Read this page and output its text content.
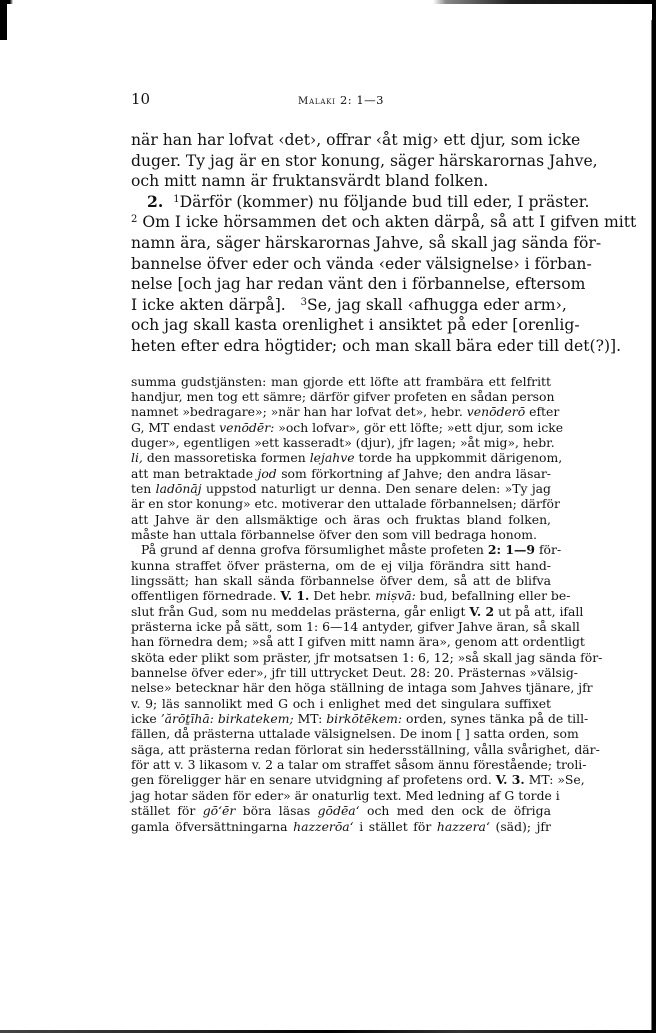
10	Malaki 2: 1—3
när han har lofvat ‹det›, offrar ‹åt mig› ett djur, som icke
duger. Ty jag är en stor konung, säger härskarornas Jahve,
och mitt namn är fruktansvärdt bland folken.
2. $^1$Därför (kommer) nu följande bud till eder, I präster.
$^2$ Om I icke hörsammen det och akten därpå, så att I gifven mitt
namn ära, säger härskarornas Jahve, så skall jag sända för-
bannelse öfver eder och vända ‹eder välsignelse› i förban-
nelse [och jag har redan vänt den i förbannelse, eftersom
I icke akten därpå]. $^3$Se, jag skall ‹afhugga eder arm›,
och jag skall kasta orenlighet i ansiktet på eder [orenlig-
heten efter edra högtider; och man skall bära eder till det(?)].
summa gudstjänsten: man gjorde ett löfte att frambära ett felfritt
handjur, men tog ett sämre; därför gifver profeten en sådan person
namnet »bedragare»; »när han har lofvat det», hebr. venōderō efter
G, MT endast venōdēr: »och lofvar», gör ett löfte; »ett djur, som icke
duger», egentligen »ett kasseradt» (djur), jfr lagen; »åt mig», hebr.
li, den massoretiska formen lejahve torde ha uppkommit därigenom,
att man betraktade jod som förkortning af Jahve; den andra läsar-
ten ladōnāj uppstod naturligt ur denna. Den senare delen: »Ty jag
är en stor konung» etc. motiverar den uttalade förbannelsen; därför
att Jahve är den allsmäktige och äras och fruktas bland folken,
måste han uttala förbannelse öfver den som vill bedraga honom.
På grund af denna grofva försumlighet måste profeten 2: 1—9 för-
kunna straffet öfver prästerna, om de ej vilja förändra sitt hand-
lingssätt; han skall sända förbannelse öfver dem, så att de blifva
offentligen förnedrade. V. 1. Det hebr. miṣvā: bud, befallning eller be-
slut från Gud, som nu meddelas prästerna, går enligt V. 2 ut på att, ifall
prästerna icke på sätt, som 1: 6—14 antyder, gifver Jahve äran, så skall
han förnedra dem; »så att I gifven mitt namn ära», genom att ordentligt
sköta eder plikt som präster, jfr motsatsen 1: 6, 12; »så skall jag sända för-
bannelse öfver eder», jfr till uttrycket Deut. 28: 20. Prästernas »välsig-
nelse» betecknar här den höga ställning de intaga som Jahves tjänare, jfr
v. 9; läs sannolikt med G och i enlighet med det singulara suffixet
icke ’ărōṯīhā: birkatekem; MT: birkōtēkem: orden, synes tänka på de till-
fällen, då prästerna uttalade välsignelsen. De inom [ ] satta orden, som
säga, att prästerna redan förlorat sin hedersställning, vålla svårighet, där-
för att v. 3 likasom v. 2 a talar om straffet såsom ännu förestående; troli-
gen föreligger här en senare utvidgning af profetens ord. V. 3. MT: »Se,
jag hotar säden för eder» är onaturlig text. Med ledning af G torde i
stället för gō‘ēr böra läsas gōdēa‘ och med den ock de öfriga
gamla öfversättningarna hazzerōa‘ i stället för hazzera‘ (säd); jfr
